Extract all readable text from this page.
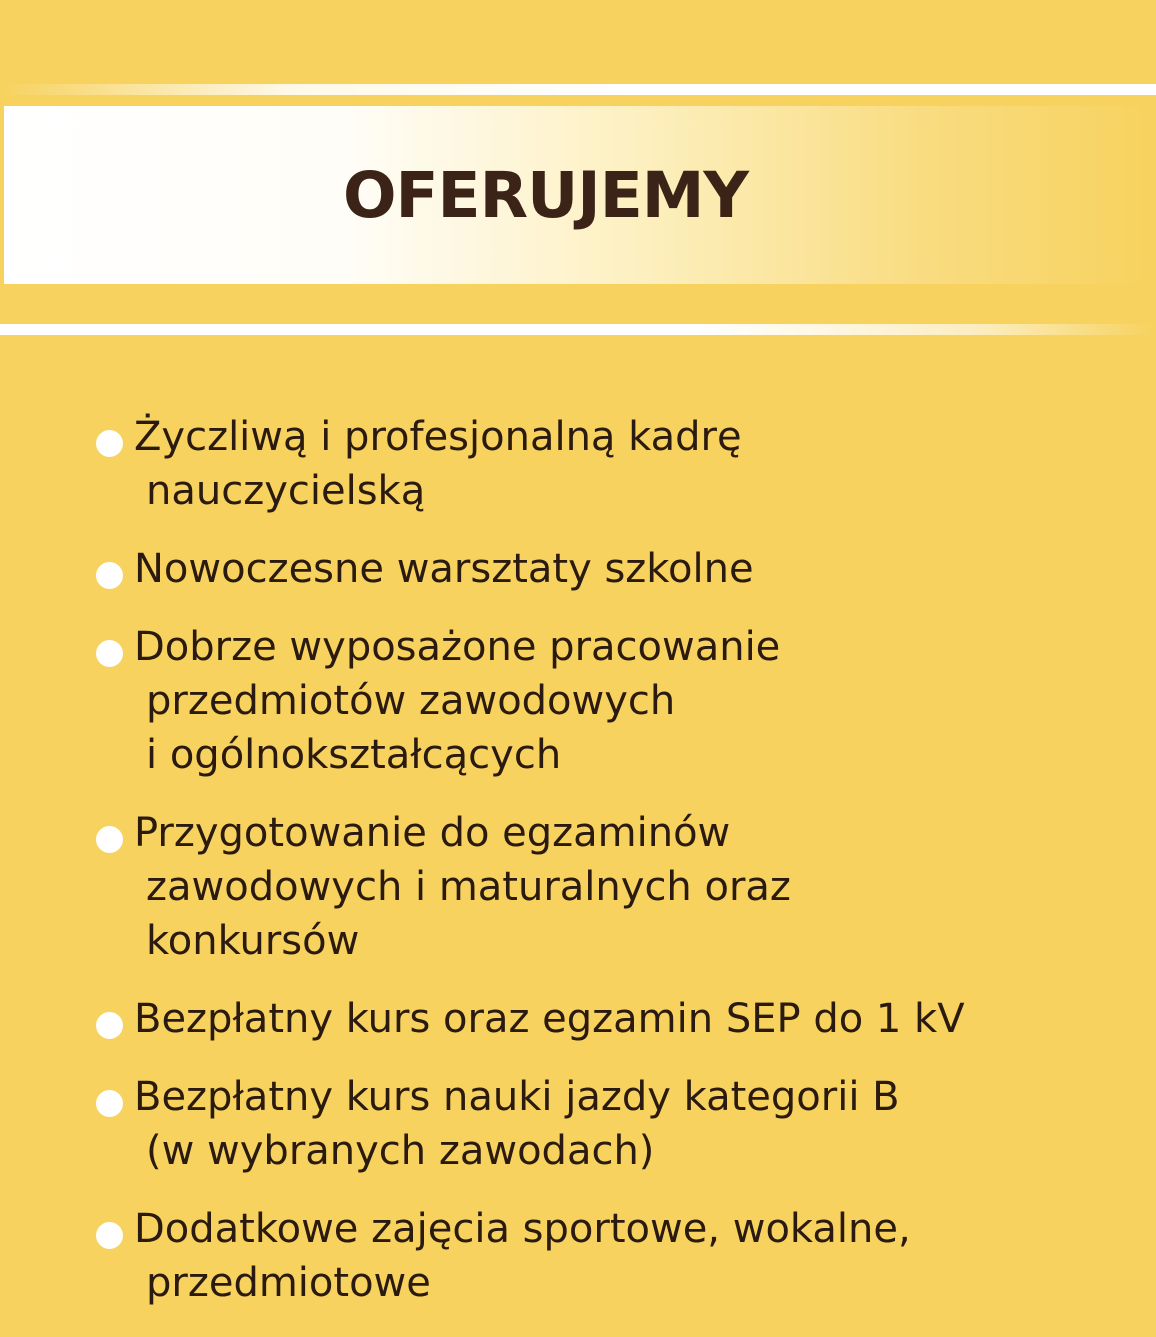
OFERUJEMY
Życzliwą i profesjonalną kadrę
nauczycielską
Nowoczesne warsztaty szkolne
Dobrze wyposażone pracowanie
przedmiotów zawodowych
i ogólnokształcących
Przygotowanie do egzaminów
zawodowych i maturalnych oraz
konkursów
Bezpłatny kurs oraz egzamin SEP do 1 kV
Bezpłatny kurs nauki jazdy kategorii B
(w wybranych zawodach)
Dodatkowe zajęcia sportowe, wokalne,
przedmiotowe
